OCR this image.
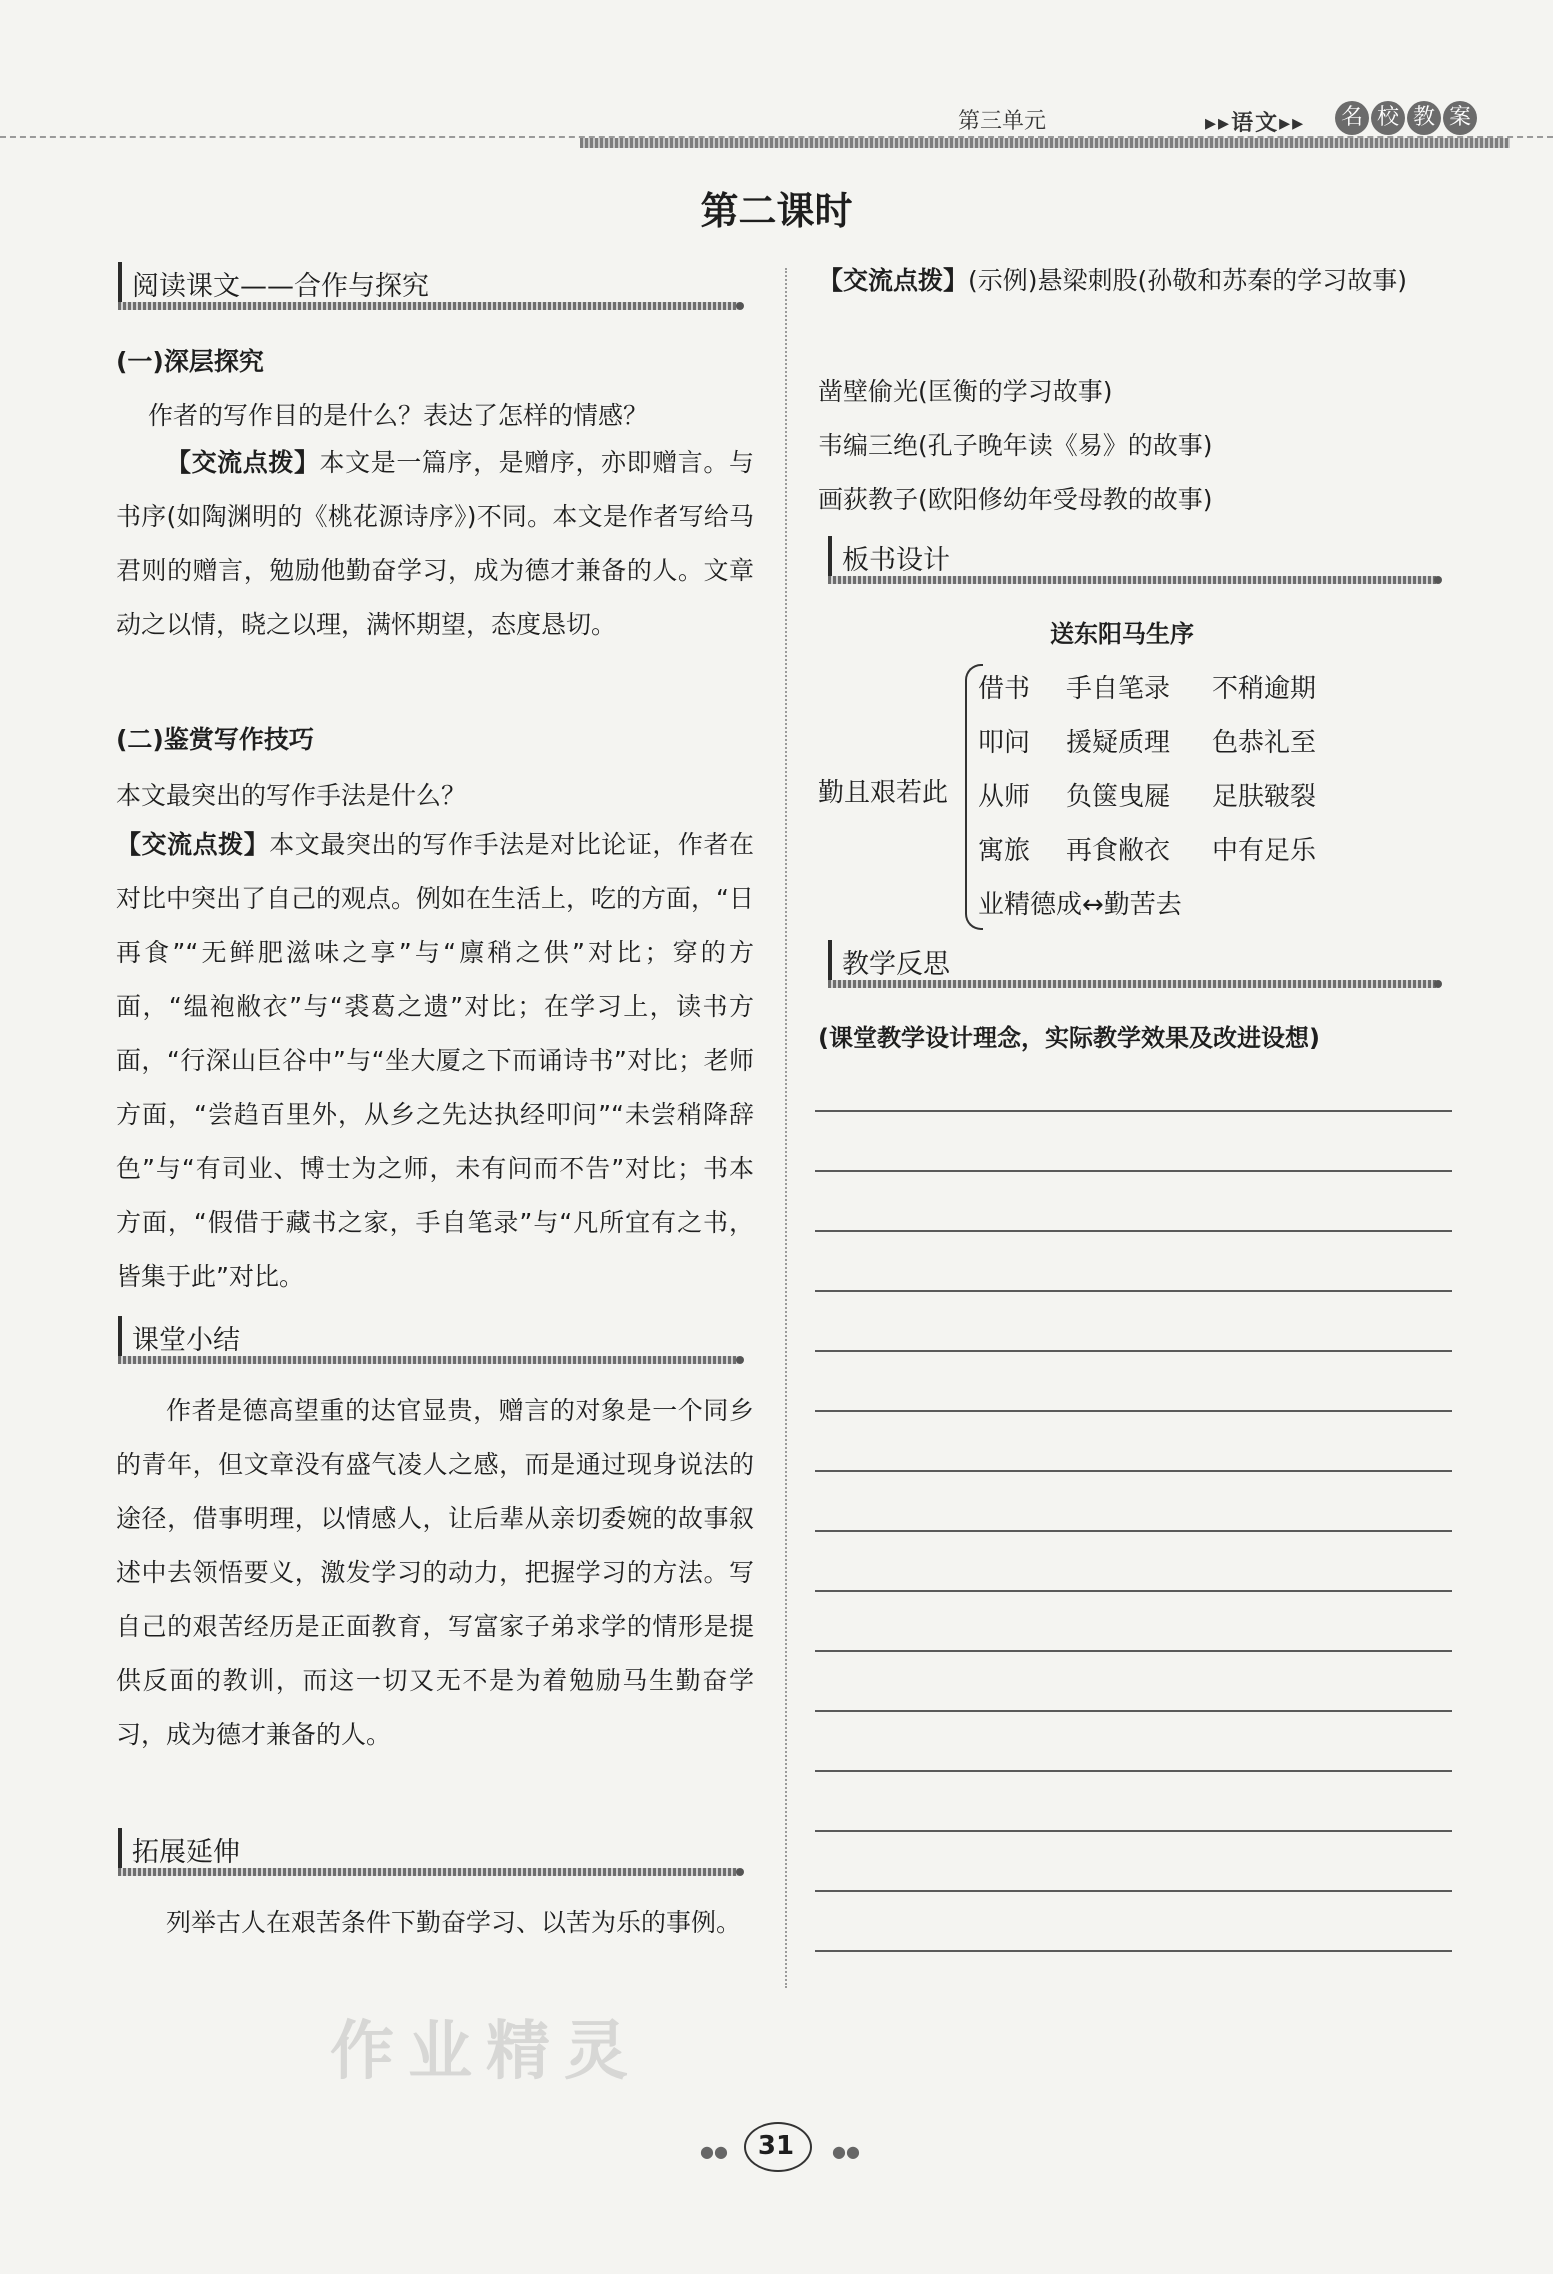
第三单元	▸▸语文▸▸ 名 校 教 案
第二课时
阅读课文——合作与探究
(一)深层探究
作者的写作目的是什么？表达了怎样的情感？
【交流点拨】本文是一篇序，是赠序，亦即赠言。与书序(如陶渊明的《桃花源诗序》)不同。本文是作者写给马君则的赠言，勉励他勤奋学习，成为德才兼备的人。文章动之以情，晓之以理，满怀期望，态度恳切。
(二)鉴赏写作技巧
本文最突出的写作手法是什么？
【交流点拨】本文最突出的写作手法是对比论证，作者在对比中突出了自己的观点。例如在生活上，吃的方面，“日再食”“无鲜肥滋味之享”与“廪稍之供”对比；穿的方面，“缊袍敝衣”与“裘葛之遗”对比；在学习上，读书方面，“行深山巨谷中”与“坐大厦之下而诵诗书”对比；老师方面，“尝趋百里外，从乡之先达执经叩问”“未尝稍降辞色”与“有司业、博士为之师，未有问而不告”对比；书本方面，“假借于藏书之家，手自笔录”与“凡所宜有之书，皆集于此”对比。
课堂小结
作者是德高望重的达官显贵，赠言的对象是一个同乡的青年，但文章没有盛气凌人之感，而是通过现身说法的途径，借事明理，以情感人，让后辈从亲切委婉的故事叙述中去领悟要义，激发学习的动力，把握学习的方法。写自己的艰苦经历是正面教育，写富家子弟求学的情形是提供反面的教训，而这一切又无不是为着勉励马生勤奋学习，成为德才兼备的人。
拓展延伸
列举古人在艰苦条件下勤奋学习、以苦为乐的事例。
【交流点拨】(示例)悬梁刺股(孙敬和苏秦的学习故事)
凿壁偷光(匡衡的学习故事)
韦编三绝(孔子晚年读《易》的故事)
画荻教子(欧阳修幼年受母教的故事)
板书设计
送东阳马生序
勤且艰若此
借书 手自笔录 不稍逾期
叩问 援疑质理 色恭礼至
从师 负箧曳屣 足肤皲裂
寓旅 再食敝衣 中有足乐
业精德成↔勤苦去
教学反思
(课堂教学设计理念，实际教学效果及改进设想)
作业精灵
●●	31	●●
